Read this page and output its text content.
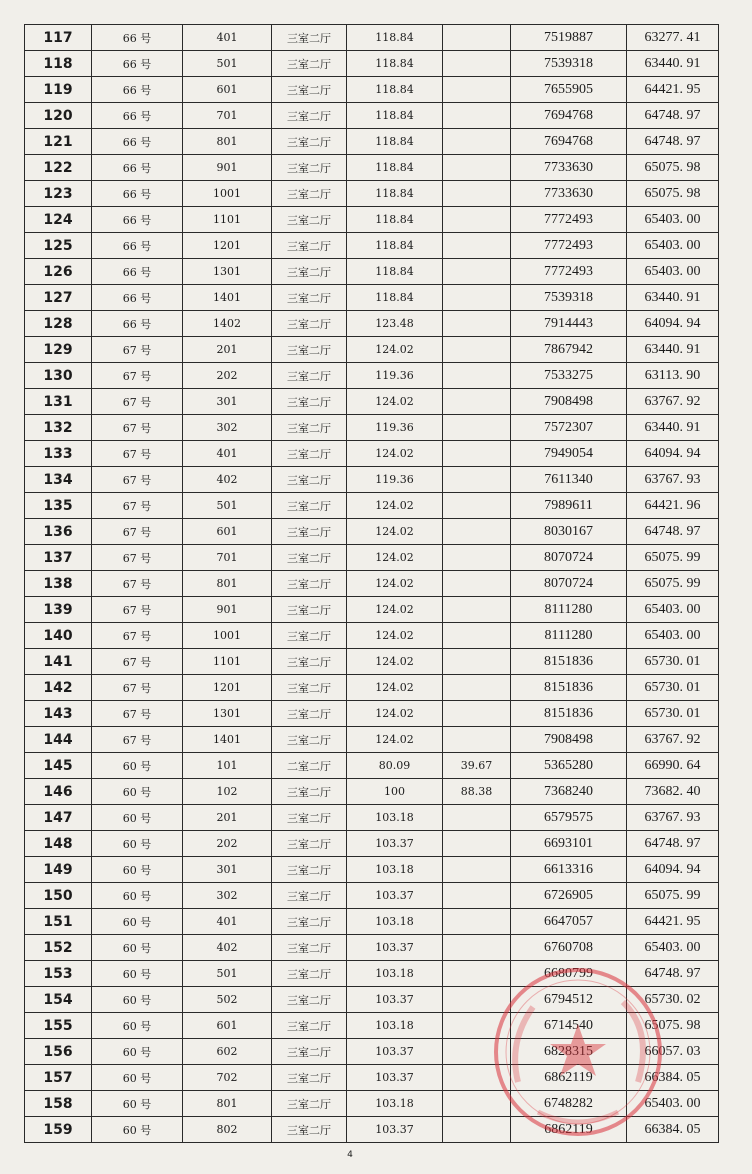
117	66 号	401	三室二厅	118.84		7519887	63277. 41
118	66 号	501	三室二厅	118.84		7539318	63440. 91
119	66 号	601	三室二厅	118.84		7655905	64421. 95
120	66 号	701	三室二厅	118.84		7694768	64748. 97
121	66 号	801	三室二厅	118.84		7694768	64748. 97
122	66 号	901	三室二厅	118.84		7733630	65075. 98
123	66 号	1001	三室二厅	118.84		7733630	65075. 98
124	66 号	1101	三室二厅	118.84		7772493	65403. 00
125	66 号	1201	三室二厅	118.84		7772493	65403. 00
126	66 号	1301	三室二厅	118.84		7772493	65403. 00
127	66 号	1401	三室二厅	118.84		7539318	63440. 91
128	66 号	1402	三室二厅	123.48		7914443	64094. 94
129	67 号	201	三室二厅	124.02		7867942	63440. 91
130	67 号	202	三室二厅	119.36		7533275	63113. 90
131	67 号	301	三室二厅	124.02		7908498	63767. 92
132	67 号	302	三室二厅	119.36		7572307	63440. 91
133	67 号	401	三室二厅	124.02		7949054	64094. 94
134	67 号	402	三室二厅	119.36		7611340	63767. 93
135	67 号	501	三室二厅	124.02		7989611	64421. 96
136	67 号	601	三室二厅	124.02		8030167	64748. 97
137	67 号	701	三室二厅	124.02		8070724	65075. 99
138	67 号	801	三室二厅	124.02		8070724	65075. 99
139	67 号	901	三室二厅	124.02		8111280	65403. 00
140	67 号	1001	三室二厅	124.02		8111280	65403. 00
141	67 号	1101	三室二厅	124.02		8151836	65730. 01
142	67 号	1201	三室二厅	124.02		8151836	65730. 01
143	67 号	1301	三室二厅	124.02		8151836	65730. 01
144	67 号	1401	三室二厅	124.02		7908498	63767. 92
145	60 号	101	二室二厅	80.09	39.67	5365280	66990. 64
146	60 号	102	三室二厅	100	88.38	7368240	73682. 40
147	60 号	201	三室二厅	103.18		6579575	63767. 93
148	60 号	202	三室二厅	103.37		6693101	64748. 97
149	60 号	301	三室二厅	103.18		6613316	64094. 94
150	60 号	302	三室二厅	103.37		6726905	65075. 99
151	60 号	401	三室二厅	103.18		6647057	64421. 95
152	60 号	402	三室二厅	103.37		6760708	65403. 00
153	60 号	501	三室二厅	103.18		6680799	64748. 97
154	60 号	502	三室二厅	103.37		6794512	65730. 02
155	60 号	601	三室二厅	103.18		6714540	65075. 98
156	60 号	602	三室二厅	103.37		6828315	66057. 03
157	60 号	702	三室二厅	103.37		6862119	66384. 05
158	60 号	801	三室二厅	103.18		6748282	65403. 00
159	60 号	802	三室二厅	103.37		6862119	66384. 05
4
